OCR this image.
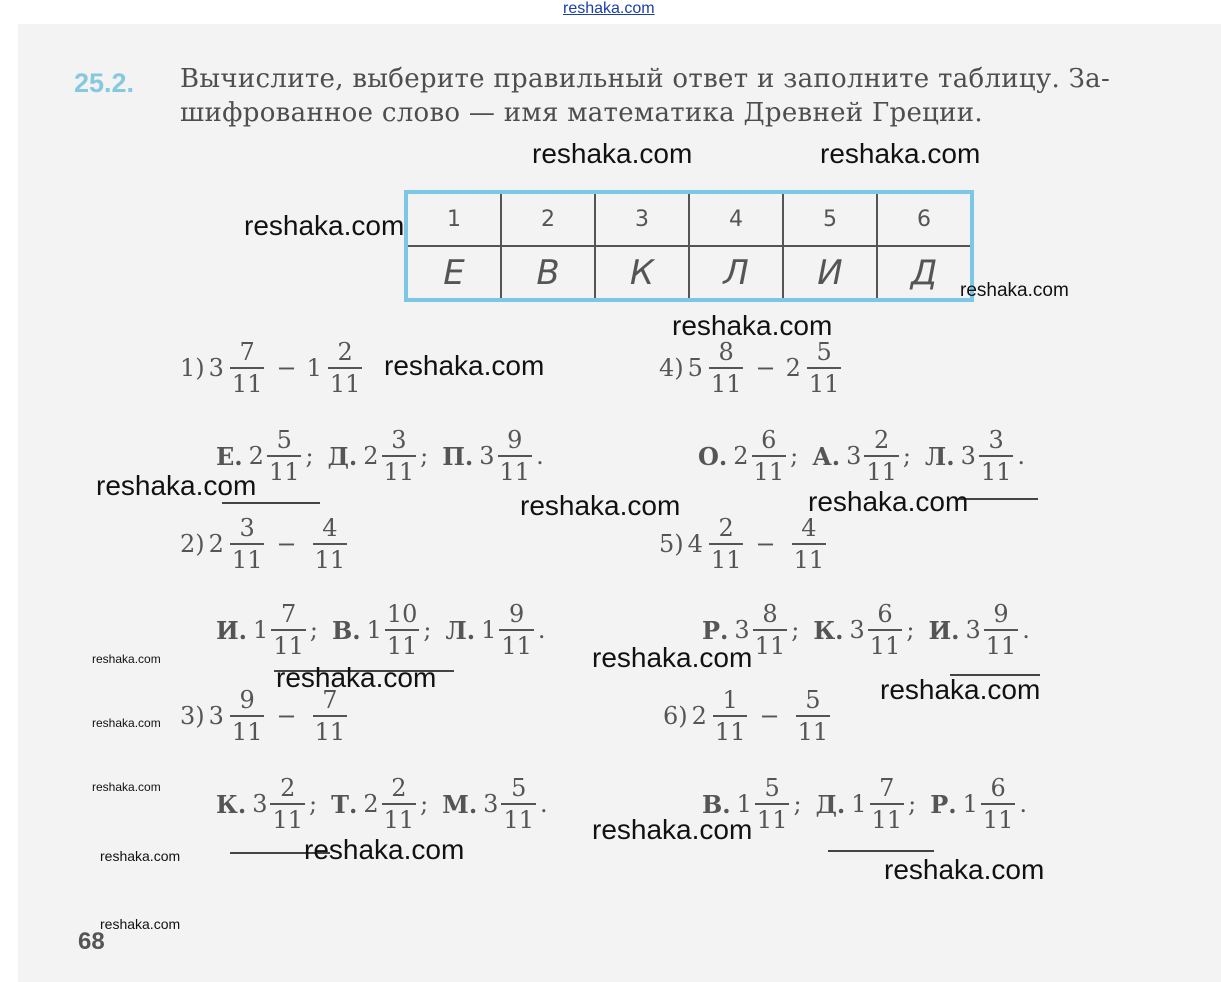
reshaka.com
25.2. Вычислите, выберите правильный ответ и заполните таблицу. За-
шифрованное слово — имя математика Древней Греции.
1	2	3	4	5	6
Е	В	К	Л	И	Д
1) $3 \frac{7}{11} - 1 \frac{2}{11}$
Е. $2 \frac{5}{11}$ ; Д. $2 \frac{3}{11}$ ; П. $3 \frac{9}{11}$ .
2) $2 \frac{3}{11} - \frac{4}{11}$
И. $1 \frac{7}{11}$ ; В. $1 \frac{10}{11}$ ; Л. $1 \frac{9}{11}$ .
3) $3 \frac{9}{11} - \frac{7}{11}$
К. $3 \frac{2}{11}$ ; Т. $2 \frac{2}{11}$ ; М. $3 \frac{5}{11}$ .
4) $5 \frac{8}{11} - 2 \frac{5}{11}$
О. $2 \frac{6}{11}$ ; А. $3 \frac{2}{11}$ ; Л. $3 \frac{3}{11}$ .
5) $4 \frac{2}{11} - \frac{4}{11}$
Р. $3 \frac{8}{11}$ ; К. $3 \frac{6}{11}$ ; И. $3 \frac{9}{11}$ .
6) $2 \frac{1}{11} - \frac{5}{11}$
В. $1 \frac{5}{11}$ ; Д. $1 \frac{7}{11}$ ; Р. $1 \frac{6}{11}$ .
68
reshaka.com	reshaka.com
reshaka.com
reshaka.com
reshaka.com
reshaka.com
reshaka.com
reshaka.com
reshaka.com
reshaka.com
reshaka.com
reshaka.com	reshaka.com
reshaka.com
reshaka.com
reshaka.com
reshaka.com
reshaka.com	reshaka.com
reshaka.com
